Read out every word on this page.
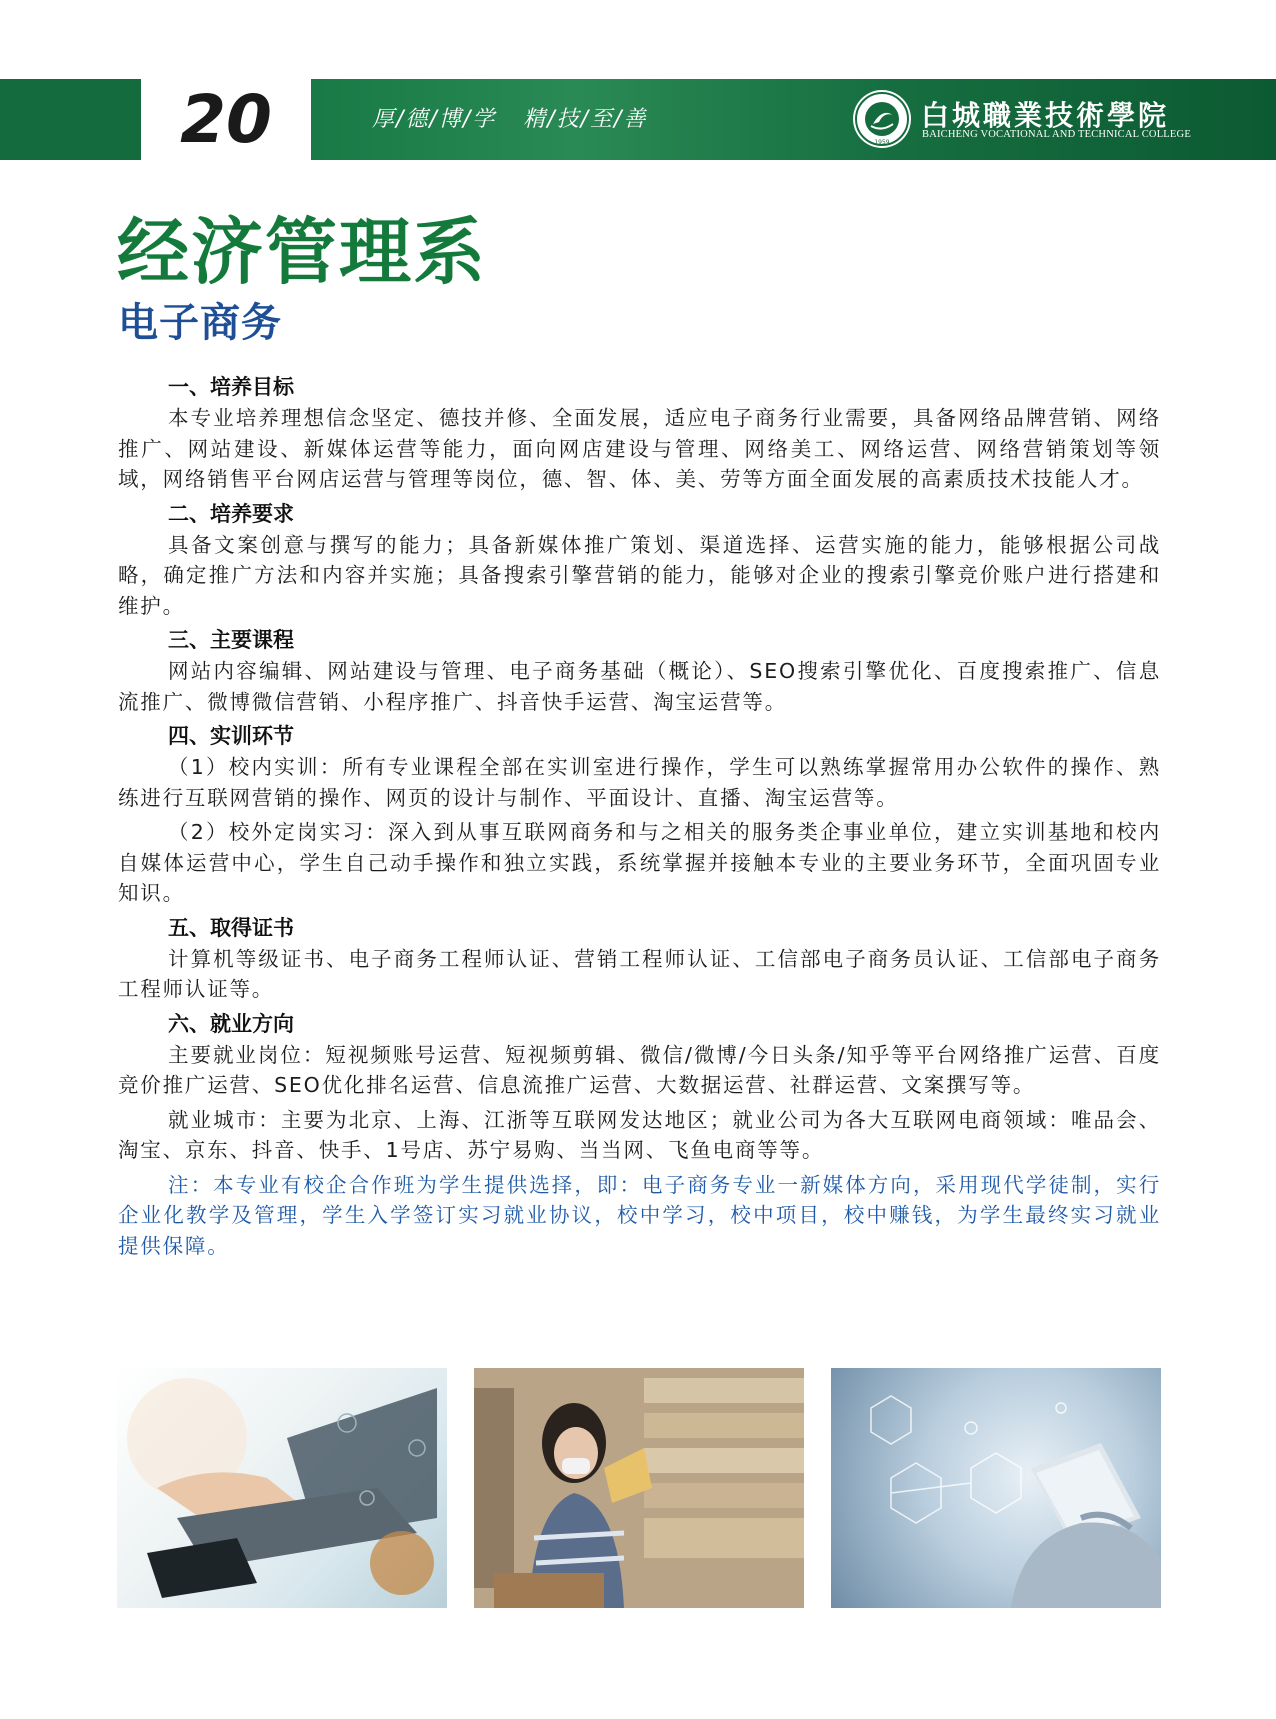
20	厚/德/博/学   精/技/至/善
1959
白城職業技術學院
BAICHENG VOCATIONAL AND TECHNICAL COLLEGE
经济管理系
电子商务
一、培养目标

本专业培养理想信念坚定、德技并修、全面发展，适应电子商务行业需要，具备网络品牌营销、网络推广、网站建设、新媒体运营等能力，面向网店建设与管理、网络美工、网络运营、网络营销策划等领域，网络销售平台网店运营与管理等岗位，德、智、体、美、劳等方面全面发展的高素质技术技能人才。

二、培养要求

具备文案创意与撰写的能力；具备新媒体推广策划、渠道选择、运营实施的能力，能够根据公司战略，确定推广方法和内容并实施；具备搜索引擎营销的能力，能够对企业的搜索引擎竞价账户进行搭建和维护。

三、主要课程

网站内容编辑、网站建设与管理、电子商务基础（概论）、SEO搜索引擎优化、百度搜索推广、信息流推广、微博微信营销、小程序推广、抖音快手运营、淘宝运营等。

四、实训环节

（1）校内实训：所有专业课程全部在实训室进行操作，学生可以熟练掌握常用办公软件的操作、熟练进行互联网营销的操作、网页的设计与制作、平面设计、直播、淘宝运营等。

（2）校外定岗实习：深入到从事互联网商务和与之相关的服务类企事业单位，建立实训基地和校内自媒体运营中心，学生自己动手操作和独立实践，系统掌握并接触本专业的主要业务环节，全面巩固专业知识。

五、取得证书

计算机等级证书、电子商务工程师认证、营销工程师认证、工信部电子商务员认证、工信部电子商务工程师认证等。

六、就业方向

主要就业岗位：短视频账号运营、短视频剪辑、微信/微博/今日头条/知乎等平台网络推广运营、百度竞价推广运营、SEO优化排名运营、信息流推广运营、大数据运营、社群运营、文案撰写等。

就业城市：主要为北京、上海、江浙等互联网发达地区；就业公司为各大互联网电商领域：唯品会、淘宝、京东、抖音、快手、1号店、苏宁易购、当当网、飞鱼电商等等。

注：本专业有校企合作班为学生提供选择，即：电子商务专业一新媒体方向，采用现代学徒制，实行企业化教学及管理，学生入学签订实习就业协议，校中学习，校中项目，校中赚钱，为学生最终实习就业提供保障。
